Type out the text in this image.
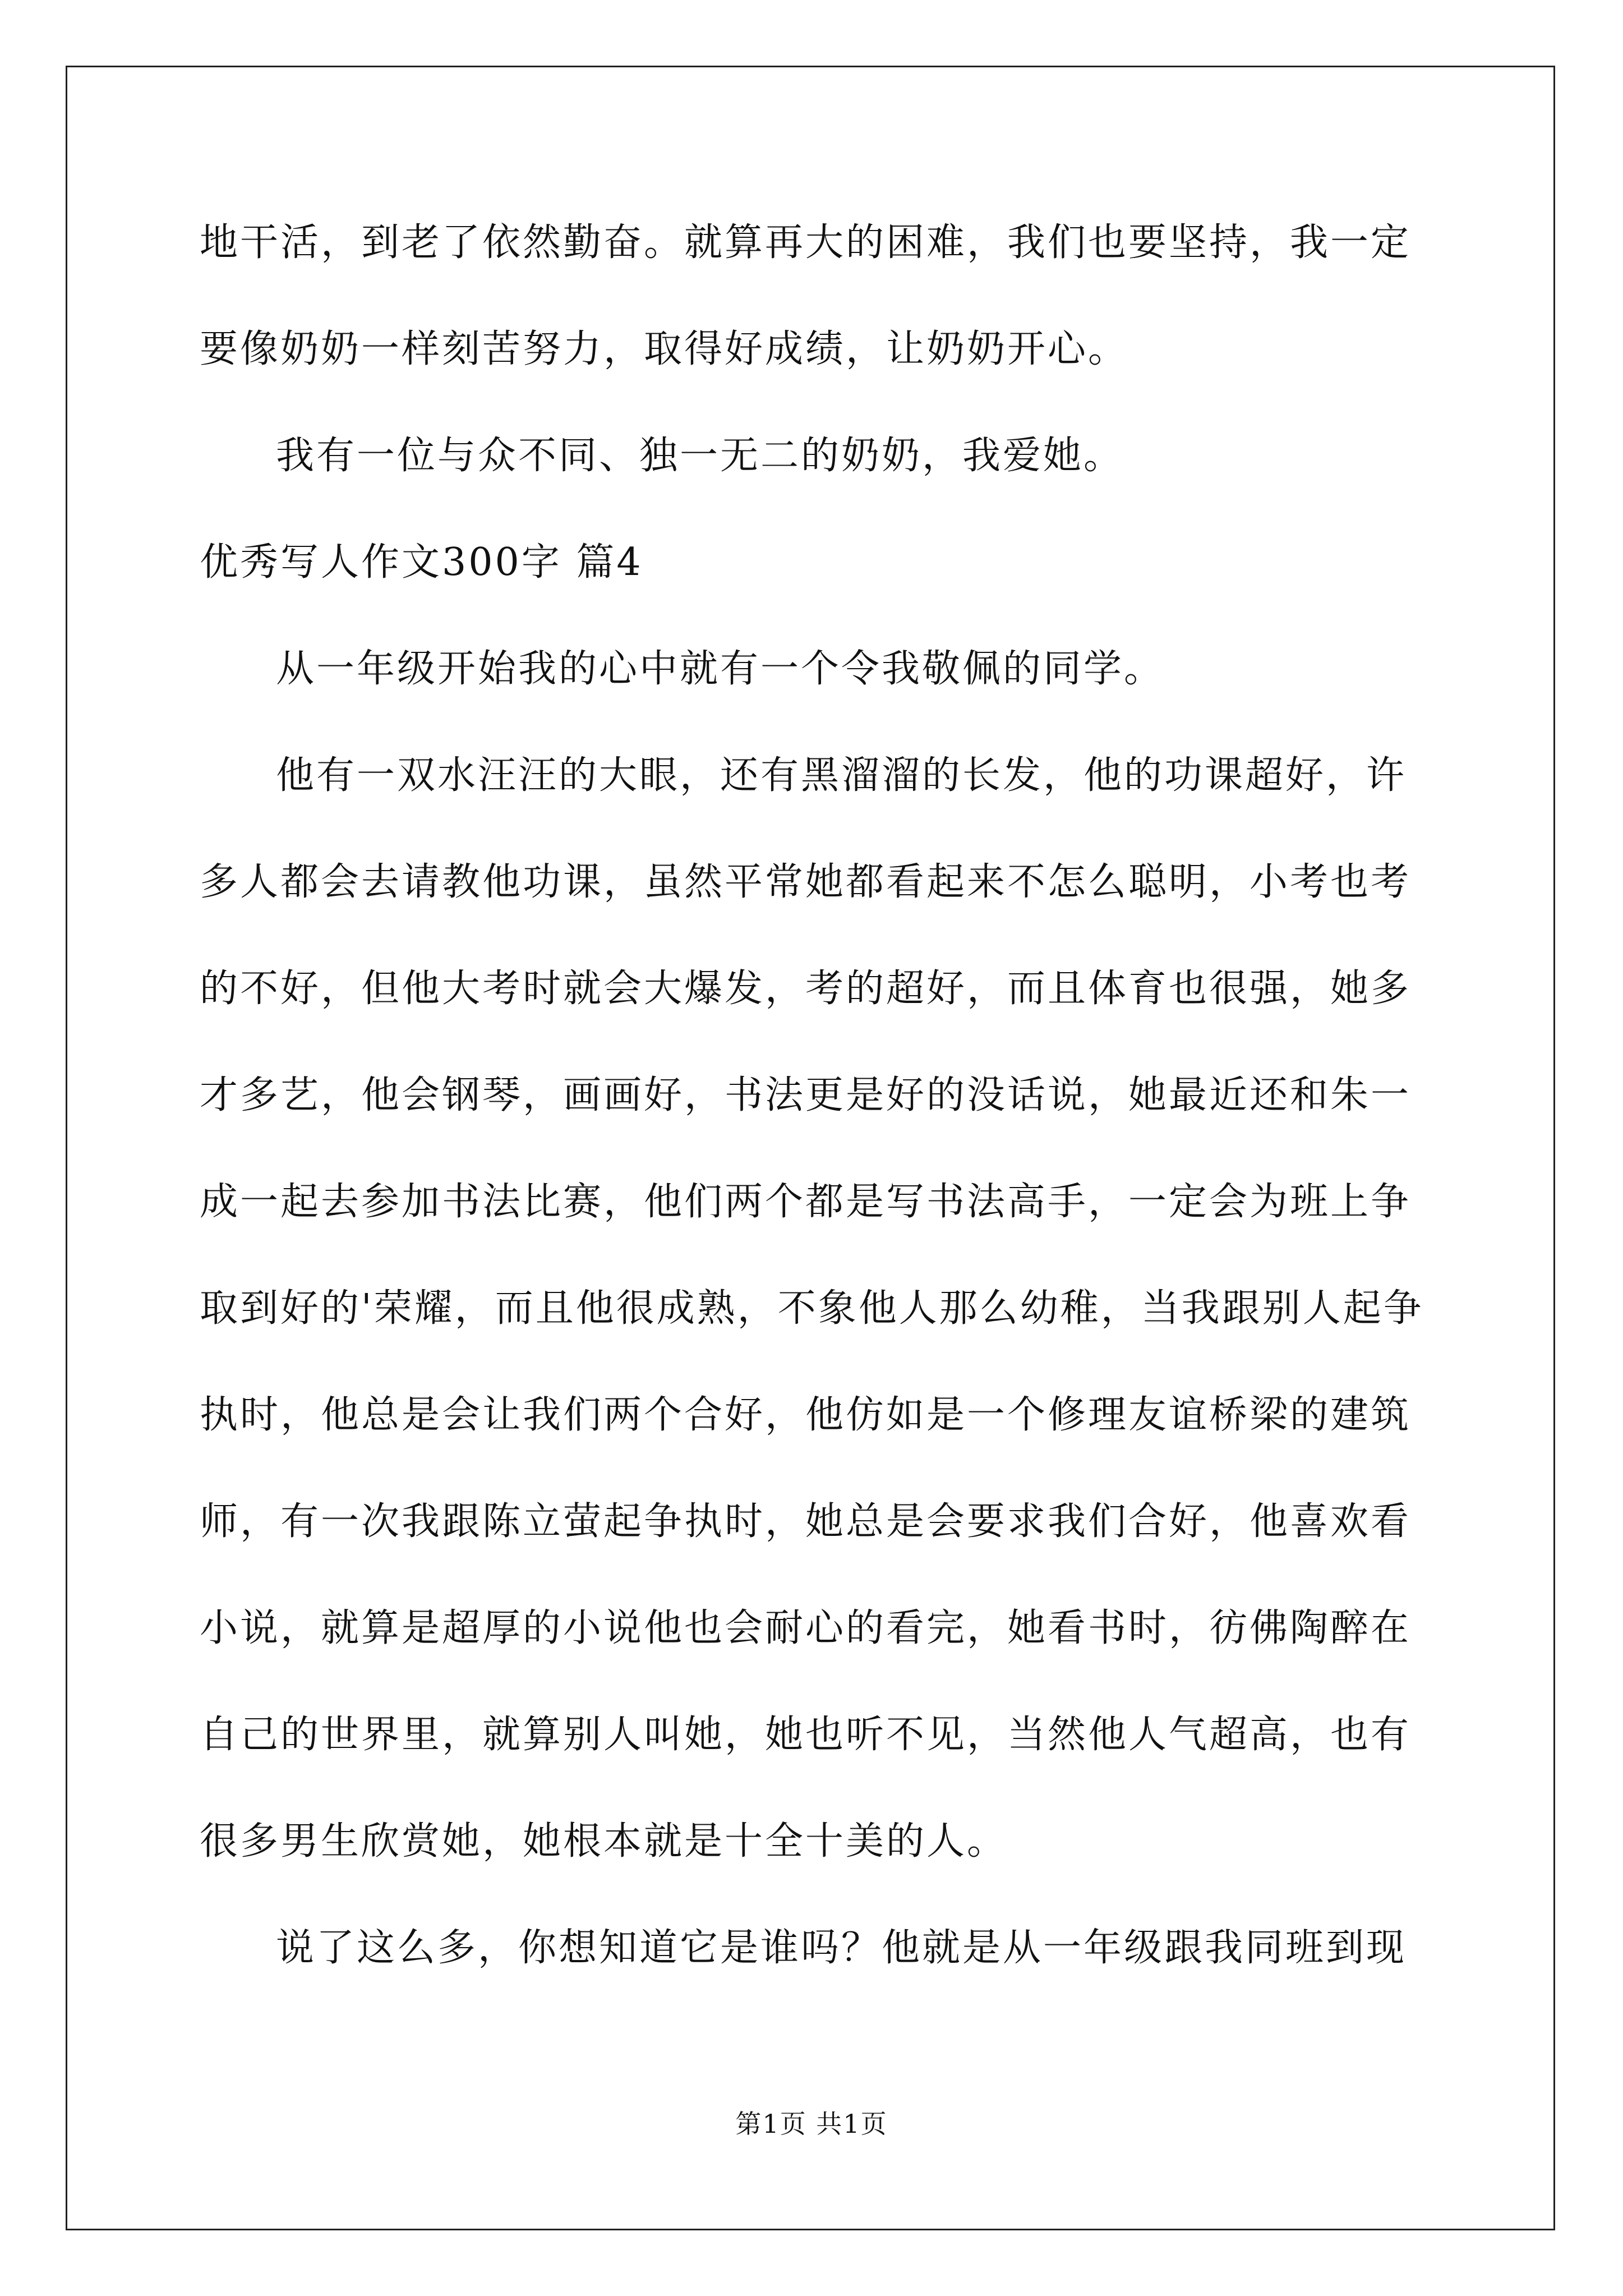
地干活，到老了依然勤奋。就算再大的困难，我们也要坚持，我一定要像奶奶一样刻苦努力，取得好成绩，让奶奶开心。

我有一位与众不同、独一无二的奶奶，我爱她。

优秀写人作文300字 篇4

从一年级开始我的心中就有一个令我敬佩的同学。

他有一双水汪汪的大眼，还有黑溜溜的长发，他的功课超好，许多人都会去请教他功课，虽然平常她都看起来不怎么聪明，小考也考的不好，但他大考时就会大爆发，考的超好，而且体育也很强，她多才多艺，他会钢琴，画画好，书法更是好的没话说，她最近还和朱一成一起去参加书法比赛，他们两个都是写书法高手，一定会为班上争取到好的'荣耀，而且他很成熟，不象他人那么幼稚，当我跟别人起争执时，他总是会让我们两个合好，他仿如是一个修理友谊桥梁的建筑师，有一次我跟陈立萤起争执时，她总是会要求我们合好，他喜欢看小说，就算是超厚的小说他也会耐心的看完，她看书时，彷佛陶醉在自己的世界里，就算别人叫她，她也听不见，当然他人气超高，也有很多男生欣赏她，她根本就是十全十美的人。

说了这么多，你想知道它是谁吗？他就是从一年级跟我同班到现

第1页 共1页
